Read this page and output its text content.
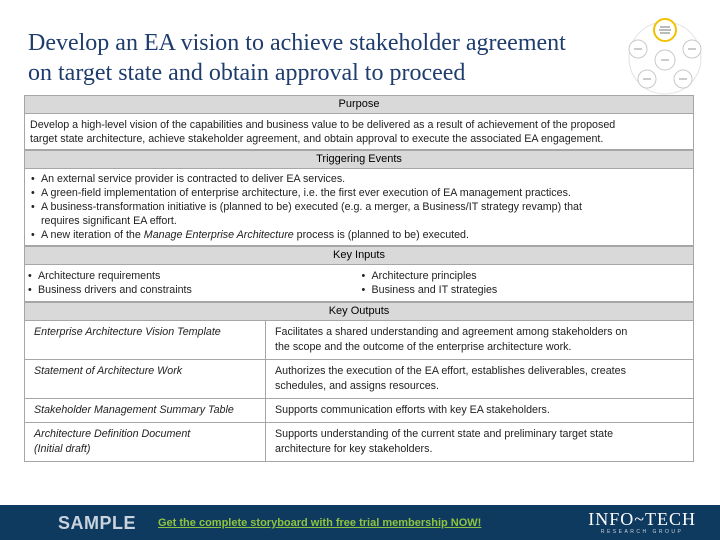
Develop an EA vision to achieve stakeholder agreement
on target state and obtain approval to proceed
Purpose
Develop a high-level vision of the capabilities and business value to be delivered as a result of achievement of the proposed
target state architecture, achieve stakeholder agreement, and obtain approval to execute the associated EA engagement.
Triggering Events
• An external service provider is contracted to deliver EA services.
• A green-field implementation of enterprise architecture, i.e. the first ever execution of EA management practices.
• A business-transformation initiative is (planned to be) executed (e.g. a merger, a Business/IT strategy revamp) that
requires significant EA effort.
• A new iteration of the Manage Enterprise Architecture process is (planned to be) executed.
Key Inputs
• Architecture requirements
• Business drivers and constraints
• Architecture principles
• Business and IT strategies
Key Outputs
Enterprise Architecture Vision Template	Facilitates a shared understanding and agreement among stakeholders on
the scope and the outcome of the enterprise architecture work.
Statement of Architecture Work	Authorizes the execution of the EA effort, establishes deliverables, creates
schedules, and assigns resources.
Stakeholder Management Summary Table	Supports communication efforts with key EA stakeholders.
Architecture Definition Document
(Initial draft)	Supports understanding of the current state and preliminary target state
architecture for key stakeholders.
SAMPLE Get the complete storyboard with free trial membership NOW!	INFO~TECH
RESEARCH GROUP
